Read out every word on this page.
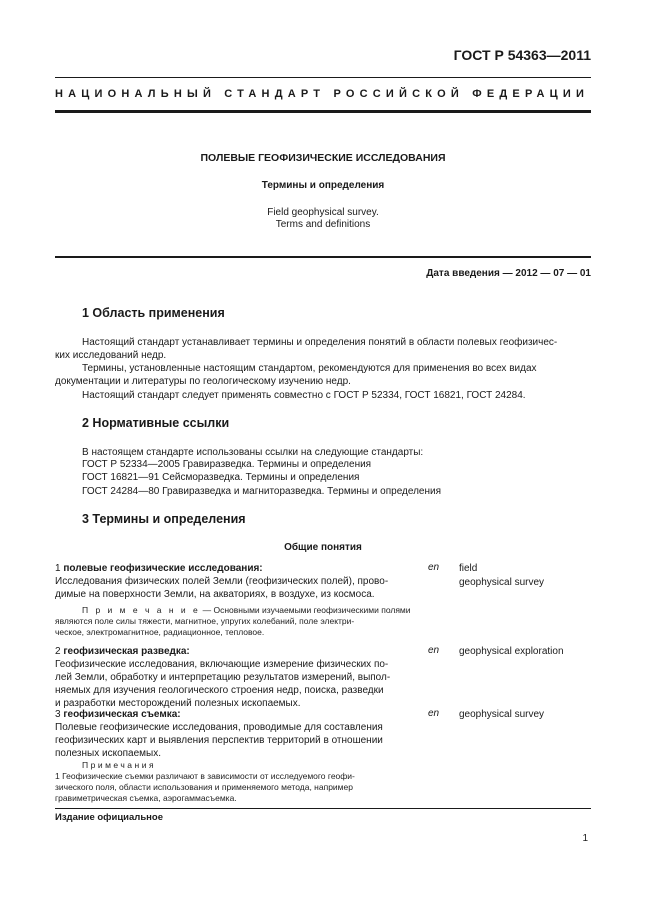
ГОСТ Р 54363—2011
НАЦИОНАЛЬНЫЙ СТАНДАРТ РОССИЙСКОЙ ФЕДЕРАЦИИ
ПОЛЕВЫЕ ГЕОФИЗИЧЕСКИЕ ИССЛЕДОВАНИЯ
Термины и определения
Field geophysical survey.
Terms and definitions
Дата введения — 2012 — 07 — 01
1 Область применения
Настоящий стандарт устанавливает термины и определения понятий в области полевых геофизичес-
ких исследований недр.
Термины, установленные настоящим стандартом, рекомендуются для применения во всех видах
документации и литературы по геологическому изучению недр.
Настоящий стандарт следует применять совместно с ГОСТ Р 52334, ГОСТ 16821, ГОСТ 24284.
2 Нормативные ссылки
В настоящем стандарте использованы ссылки на следующие стандарты:
ГОСТ Р 52334—2005 Гравиразведка. Термины и определения
ГОСТ 16821—91 Сейсморазведка. Термины и определения
ГОСТ 24284—80 Гравиразведка и магниторазведка. Термины и определения
3 Термины и определения
Общие понятия
1 полевые геофизические исследования:
Исследования физических полей Земли (геофизических полей), прово-
димые на поверхности Земли, на акваториях, в воздухе, из космоса.
П р и м е ч а н и е — Основными изучаемыми геофизическими полями
являются поле силы тяжести, магнитное, упругих колебаний, поле электри-
ческое, электромагнитное, радиационное, тепловое.
en field
geophysical survey
2 геофизическая разведка:
Геофизические исследования, включающие измерение физических по-
лей Земли, обработку и интерпретацию результатов измерений, выпол-
няемых для изучения геологического строения недр, поиска, разведки
и разработки месторождений полезных ископаемых.
en geophysical exploration
3 геофизическая съемка:
Полевые геофизические исследования, проводимые для составления
геофизических карт и выявления перспектив территорий в отношении
полезных ископаемых.
Примечания
1 Геофизические съемки различают в зависимости от исследуемого геофи-
зического поля, области использования и применяемого метода, например
гравиметрическая съемка, аэрогаммасъемка.
en geophysical survey
Издание официальное
1
